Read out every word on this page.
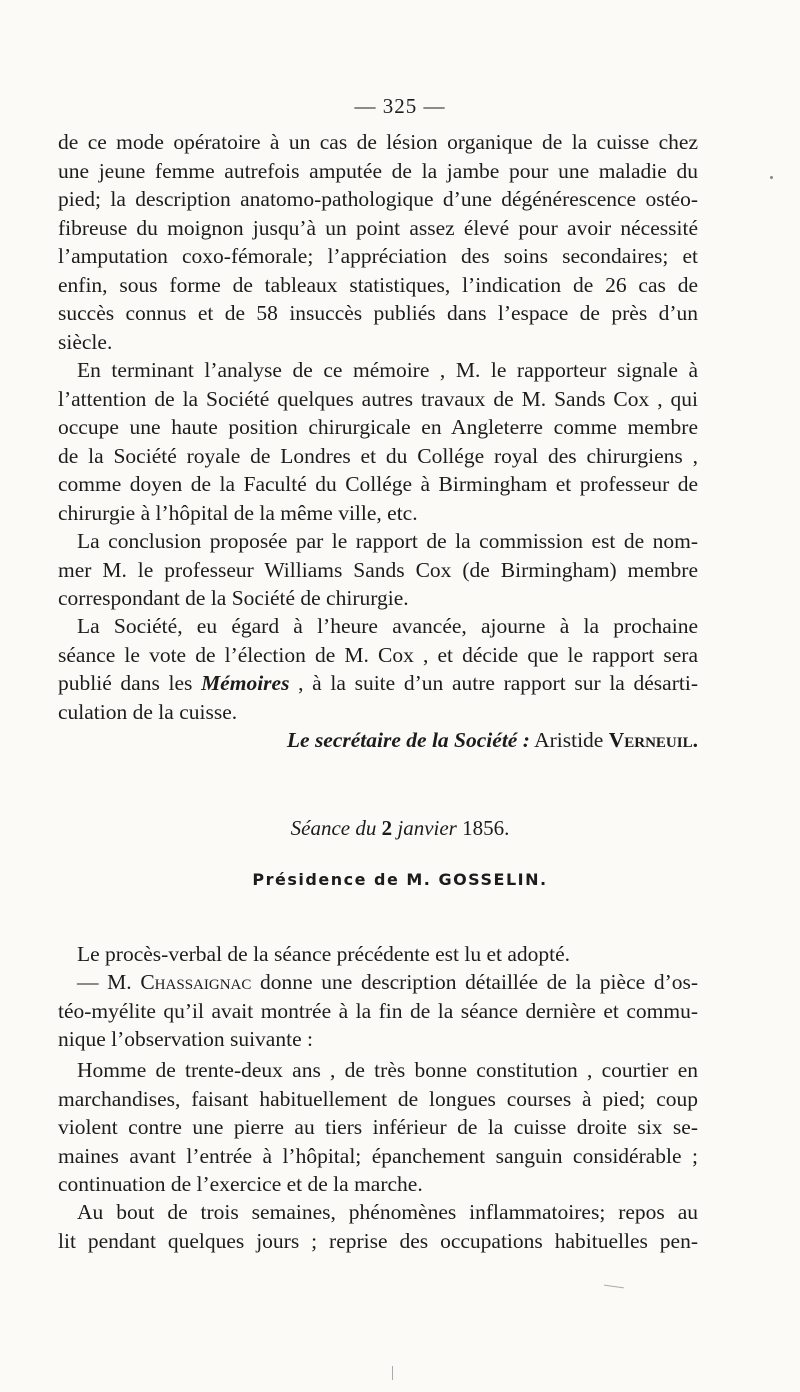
— 325 —
de ce mode opératoire à un cas de lésion organique de la cuisse chez
une jeune femme autrefois amputée de la jambe pour une maladie du
pied; la description anatomo-pathologique d’une dégénérescence ostéo-
fibreuse du moignon jusqu’à un point assez élevé pour avoir nécessité
l’amputation coxo-fémorale; l’appréciation des soins secondaires; et
enfin, sous forme de tableaux statistiques, l’indication de 26 cas de
succès connus et de 58 insuccès publiés dans l’espace de près d’un
siècle.
En terminant l’analyse de ce mémoire , M. le rapporteur signale à
l’attention de la Société quelques autres travaux de M. Sands Cox , qui
occupe une haute position chirurgicale en Angleterre comme membre
de la Société royale de Londres et du Collége royal des chirurgiens ,
comme doyen de la Faculté du Collége à Birmingham et professeur de
chirurgie à l’hôpital de la même ville, etc.
La conclusion proposée par le rapport de la commission est de nom-
mer M. le professeur Williams Sands Cox (de Birmingham) membre
correspondant de la Société de chirurgie.
La Société, eu égard à l’heure avancée, ajourne à la prochaine
séance le vote de l’élection de M. Cox , et décide que le rapport sera
publié dans les Mémoires , à la suite d’un autre rapport sur la désarti-
culation de la cuisse.
Le secrétaire de la Société : Aristide Verneuil.
Séance du 2 janvier 1856.
Présidence de M. GOSSELIN.
Le procès-verbal de la séance précédente est lu et adopté.
— M. Chassaignac donne une description détaillée de la pièce d’os-
téo-myélite qu’il avait montrée à la fin de la séance dernière et commu-
nique l’observation suivante :
Homme de trente-deux ans , de très bonne constitution , courtier en
marchandises, faisant habituellement de longues courses à pied; coup
violent contre une pierre au tiers inférieur de la cuisse droite six se-
maines avant l’entrée à l’hôpital; épanchement sanguin considérable ;
continuation de l’exercice et de la marche.
Au bout de trois semaines, phénomènes inflammatoires; repos au
lit pendant quelques jours ; reprise des occupations habituelles pen-
